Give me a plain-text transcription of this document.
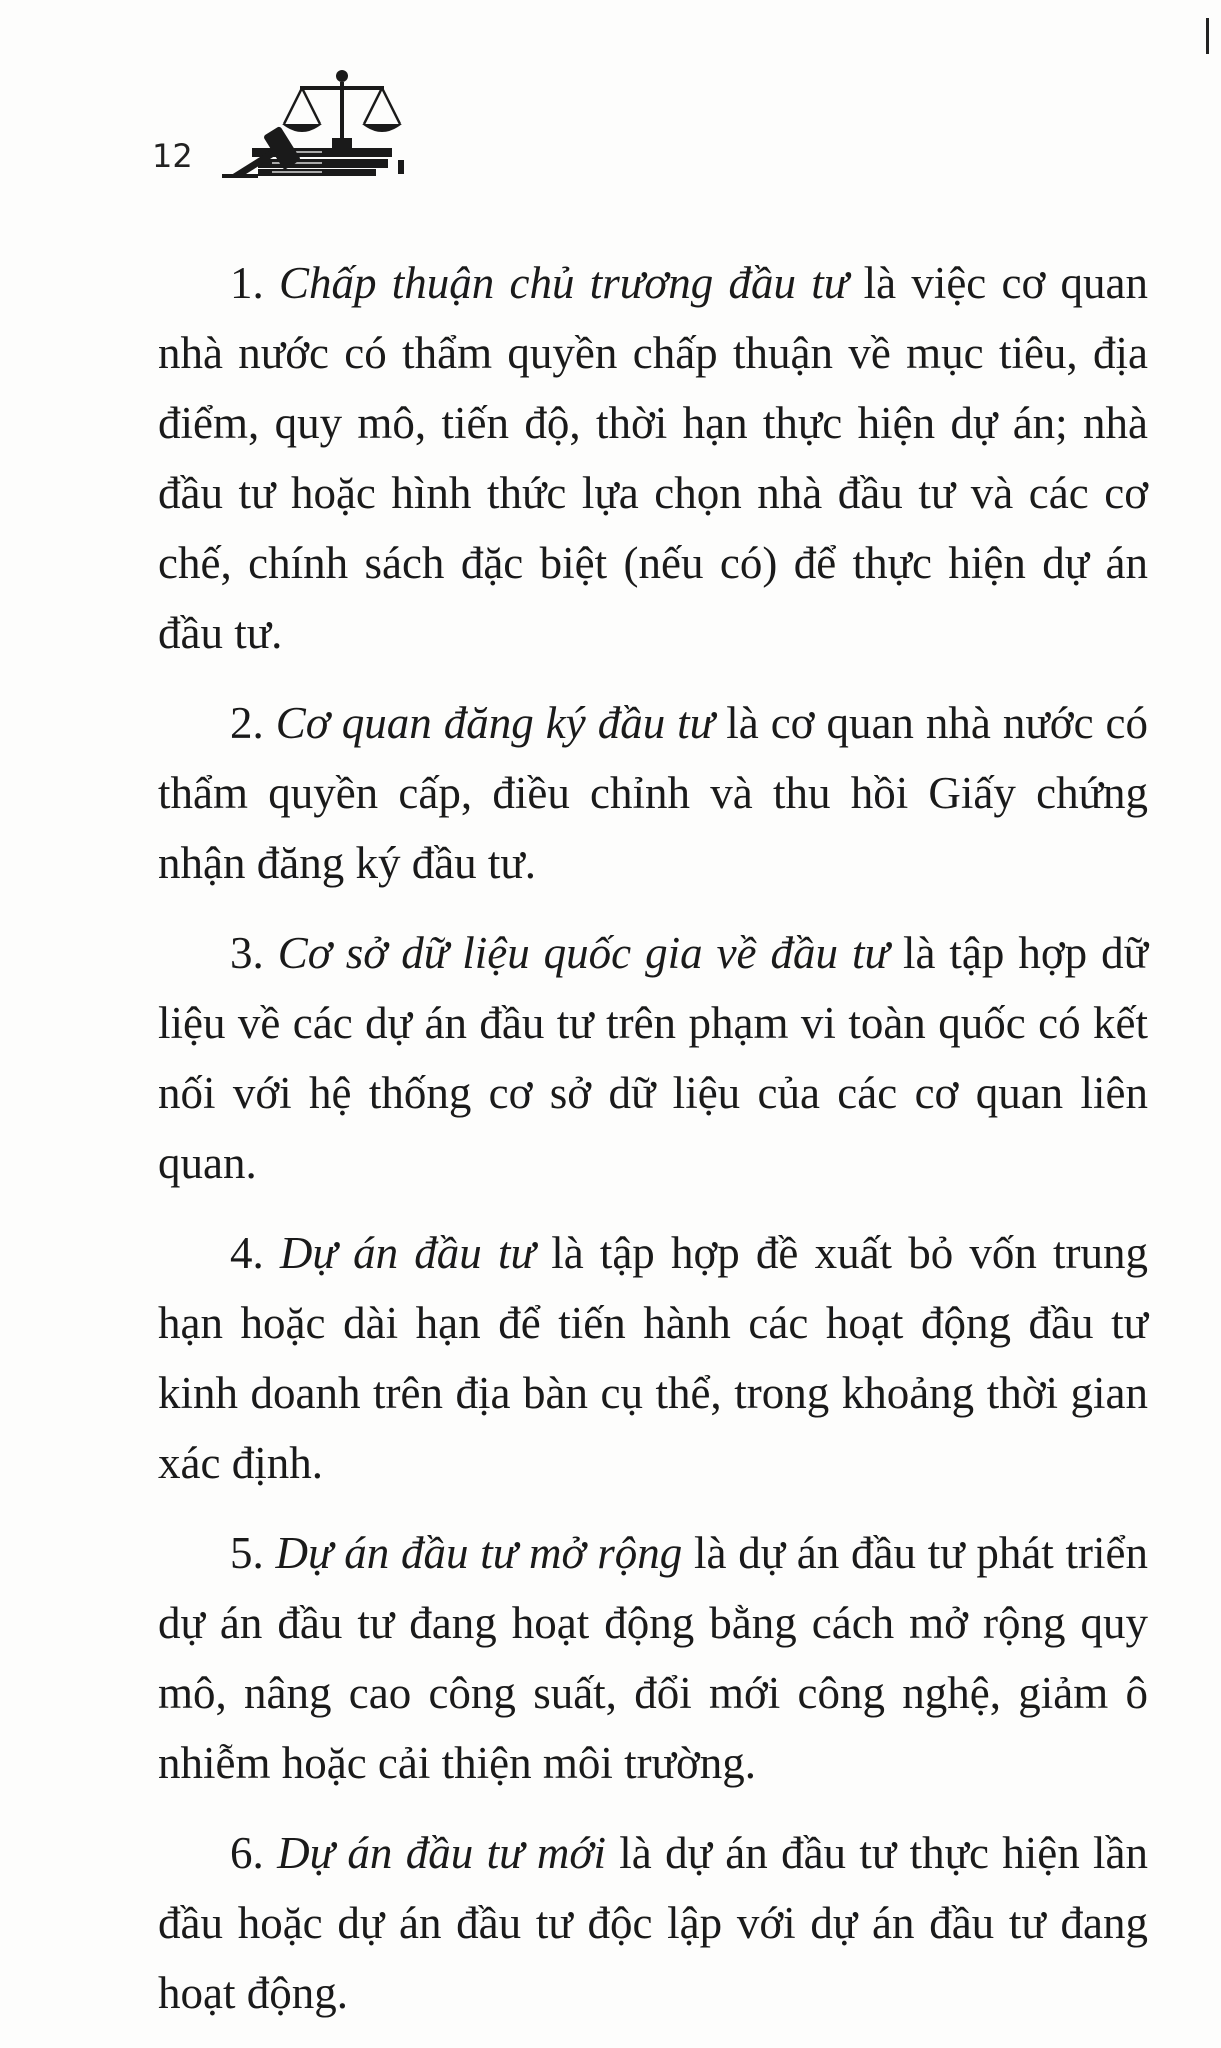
12

1. Chấp thuận chủ trương đầu tư là việc cơ quan nhà nước có thẩm quyền chấp thuận về mục tiêu, địa điểm, quy mô, tiến độ, thời hạn thực hiện dự án; nhà đầu tư hoặc hình thức lựa chọn nhà đầu tư và các cơ chế, chính sách đặc biệt (nếu có) để thực hiện dự án đầu tư.

2. Cơ quan đăng ký đầu tư là cơ quan nhà nước có thẩm quyền cấp, điều chỉnh và thu hồi Giấy chứng nhận đăng ký đầu tư.

3. Cơ sở dữ liệu quốc gia về đầu tư là tập hợp dữ liệu về các dự án đầu tư trên phạm vi toàn quốc có kết nối với hệ thống cơ sở dữ liệu của các cơ quan liên quan.

4. Dự án đầu tư là tập hợp đề xuất bỏ vốn trung hạn hoặc dài hạn để tiến hành các hoạt động đầu tư kinh doanh trên địa bàn cụ thể, trong khoảng thời gian xác định.

5. Dự án đầu tư mở rộng là dự án đầu tư phát triển dự án đầu tư đang hoạt động bằng cách mở rộng quy mô, nâng cao công suất, đổi mới công nghệ, giảm ô nhiễm hoặc cải thiện môi trường.

6. Dự án đầu tư mới là dự án đầu tư thực hiện lần đầu hoặc dự án đầu tư độc lập với dự án đầu tư đang hoạt động.
